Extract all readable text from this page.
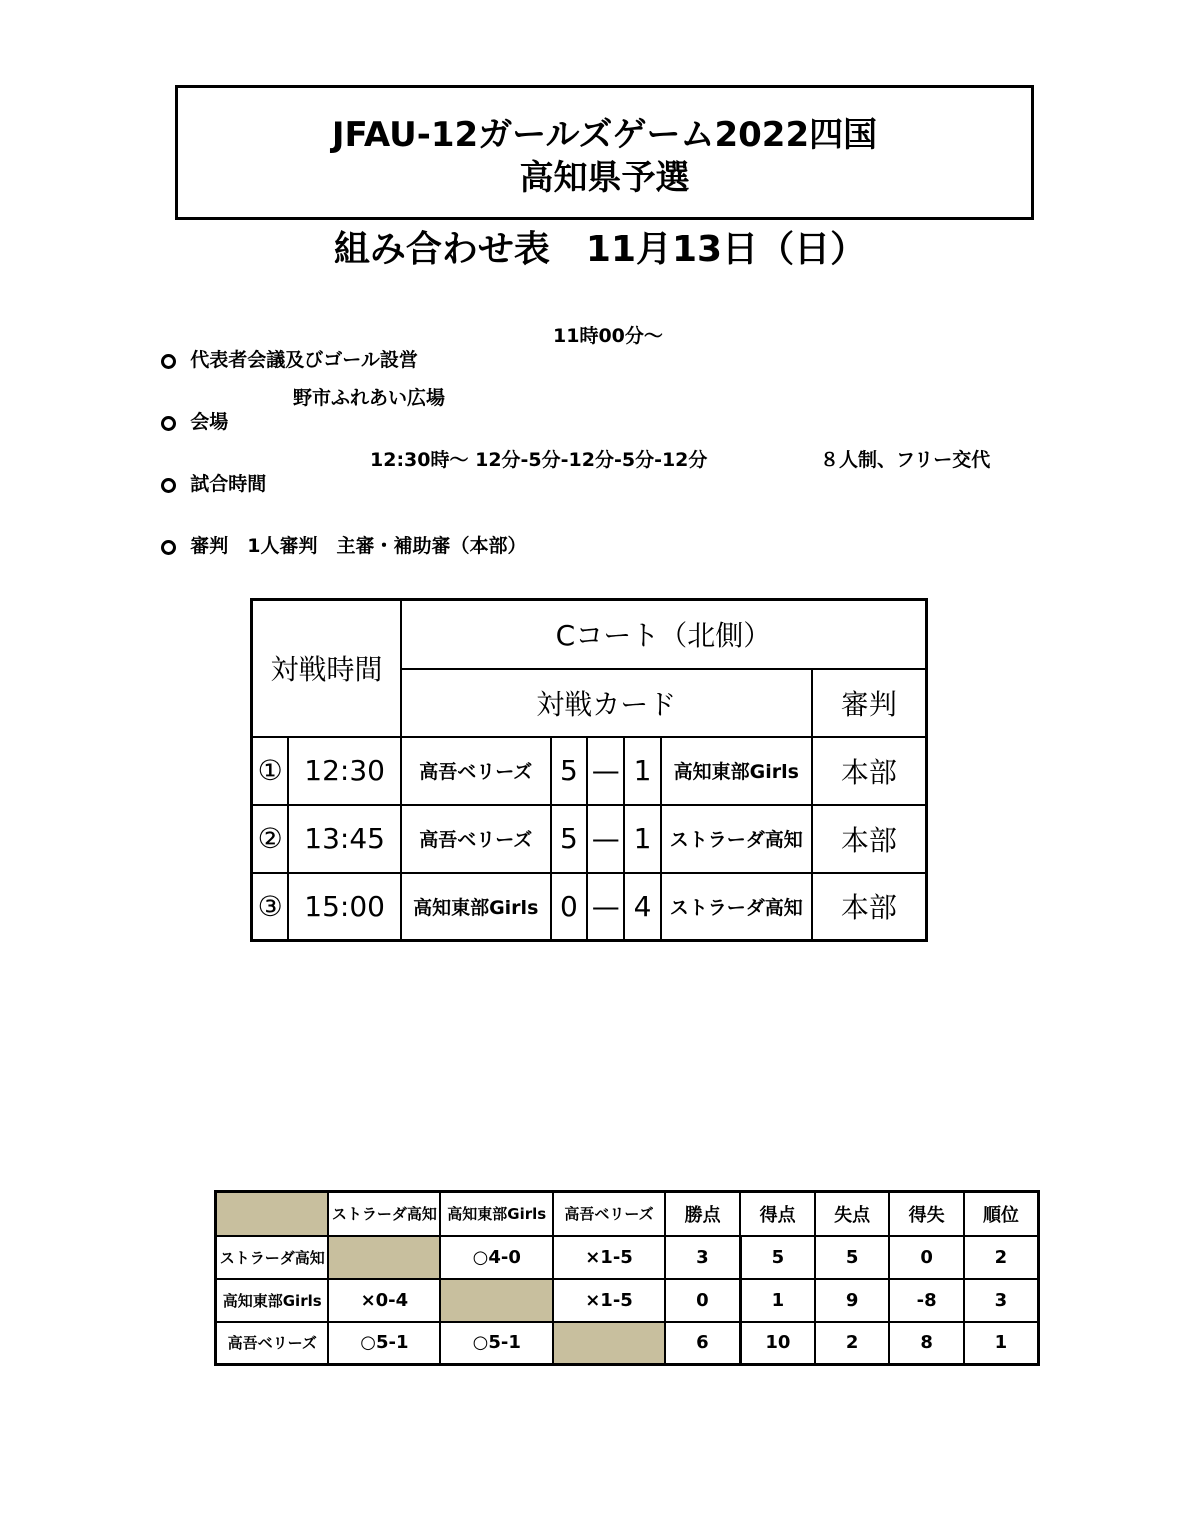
JFAU-12ガールズゲーム2022四国
高知県予選
組み合わせ表　11月13日（日）

代表者会議及びゴール設営

11時00分～

会場

野市ふれあい広場

試合時間

12:30時～ 12分-5分-12分-5分-12分

	８人制、フリー交代

審判　1人審判　主審・補助審（本部）

対戦時間		Cコート（北側）					
		対戦カード					審判
①	12:30	高吾ベリーズ	5	—	1	高知東部Girls	本部
②	13:45	高吾ベリーズ	5	—	1	ストラーダ高知	本部
③	15:00	高知東部Girls	0	—	4	ストラーダ高知	本部
	ストラーダ高知	高知東部Girls	高吾ベリーズ	勝点	得点	失点	得失	順位
ストラーダ高知		○4-0	×1-5	3	5	5	0	2
高知東部Girls	×0-4		×1-5	0	1	9	-8	3
高吾ベリーズ	○5-1	○5-1		6	10	2	8	1
